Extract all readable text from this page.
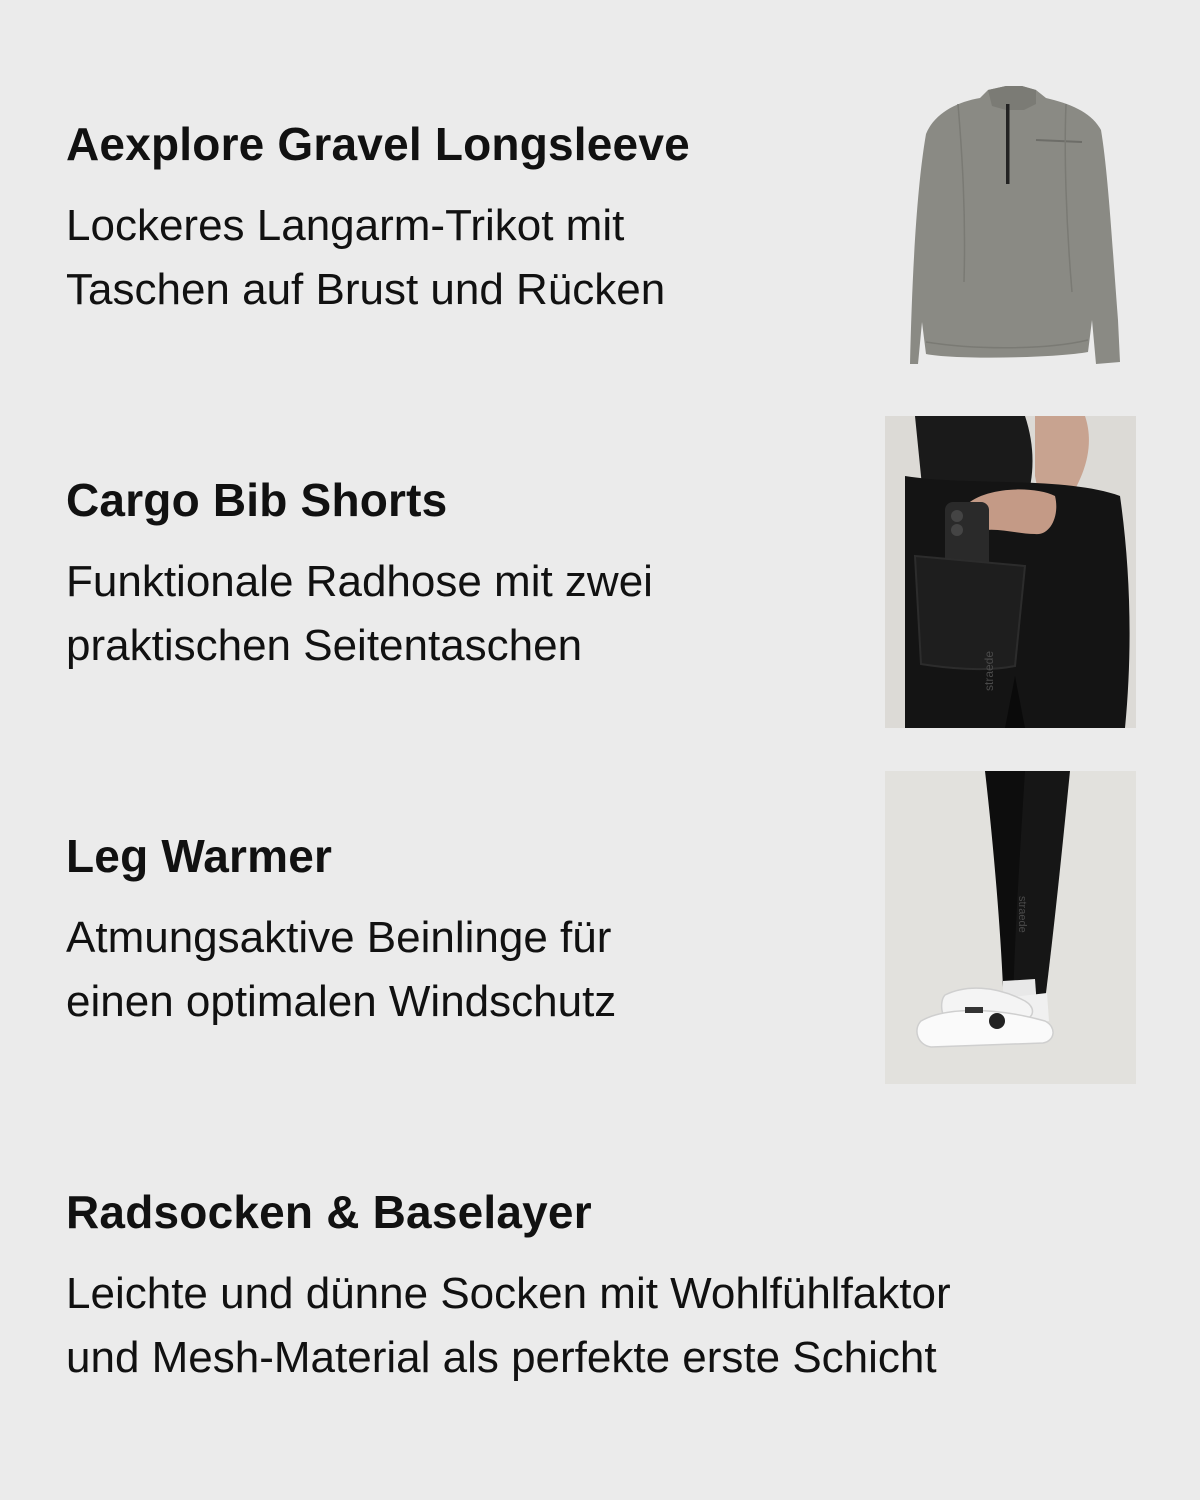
Aexplore Gravel Longsleeve

Lockeres Langarm-Trikot mit
Taschen auf Brust und Rücken

Cargo Bib Shorts

Funktionale Radhose mit zwei
praktischen Seitentaschen

straede
Leg Warmer

Atmungsaktive Beinlinge für
einen optimalen Windschutz

straede
Radsocken & Baselayer

Leichte und dünne Socken mit Wohlfühlfaktor
und Mesh-Material als perfekte erste Schicht
